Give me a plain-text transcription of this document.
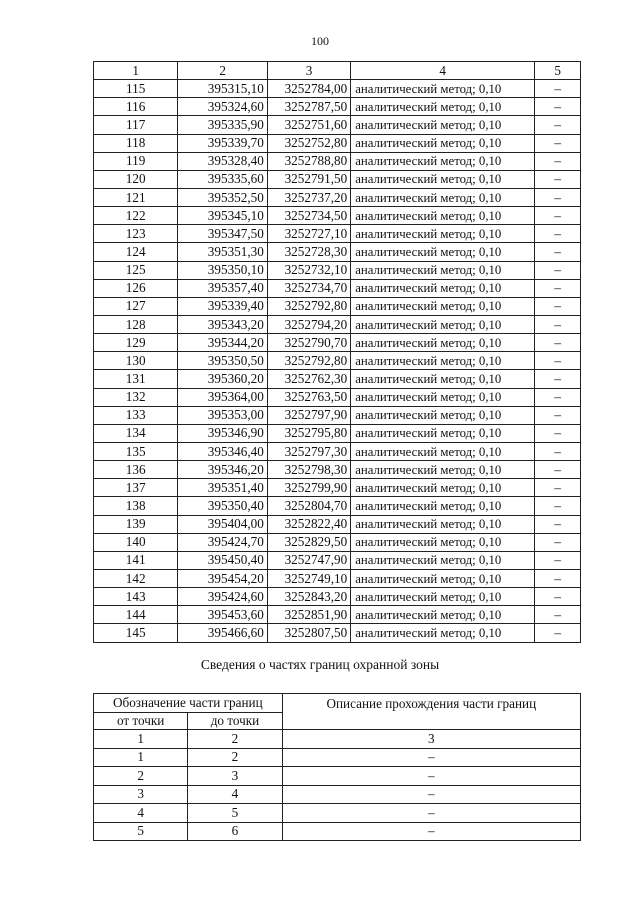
100
1	2	3	4	5
115	395315,10	3252784,00	аналитический метод; 0,10	–
116	395324,60	3252787,50	аналитический метод; 0,10	–
117	395335,90	3252751,60	аналитический метод; 0,10	–
118	395339,70	3252752,80	аналитический метод; 0,10	–
119	395328,40	3252788,80	аналитический метод; 0,10	–
120	395335,60	3252791,50	аналитический метод; 0,10	–
121	395352,50	3252737,20	аналитический метод; 0,10	–
122	395345,10	3252734,50	аналитический метод; 0,10	–
123	395347,50	3252727,10	аналитический метод; 0,10	–
124	395351,30	3252728,30	аналитический метод; 0,10	–
125	395350,10	3252732,10	аналитический метод; 0,10	–
126	395357,40	3252734,70	аналитический метод; 0,10	–
127	395339,40	3252792,80	аналитический метод; 0,10	–
128	395343,20	3252794,20	аналитический метод; 0,10	–
129	395344,20	3252790,70	аналитический метод; 0,10	–
130	395350,50	3252792,80	аналитический метод; 0,10	–
131	395360,20	3252762,30	аналитический метод; 0,10	–
132	395364,00	3252763,50	аналитический метод; 0,10	–
133	395353,00	3252797,90	аналитический метод; 0,10	–
134	395346,90	3252795,80	аналитический метод; 0,10	–
135	395346,40	3252797,30	аналитический метод; 0,10	–
136	395346,20	3252798,30	аналитический метод; 0,10	–
137	395351,40	3252799,90	аналитический метод; 0,10	–
138	395350,40	3252804,70	аналитический метод; 0,10	–
139	395404,00	3252822,40	аналитический метод; 0,10	–
140	395424,70	3252829,50	аналитический метод; 0,10	–
141	395450,40	3252747,90	аналитический метод; 0,10	–
142	395454,20	3252749,10	аналитический метод; 0,10	–
143	395424,60	3252843,20	аналитический метод; 0,10	–
144	395453,60	3252851,90	аналитический метод; 0,10	–
145	395466,60	3252807,50	аналитический метод; 0,10	–
Сведения о частях границ охранной зоны
Обозначение части границ		Описание прохождения части границ
от точки	до точки	
1	2	3
1	2	–
2	3	–
3	4	–
4	5	–
5	6	–
